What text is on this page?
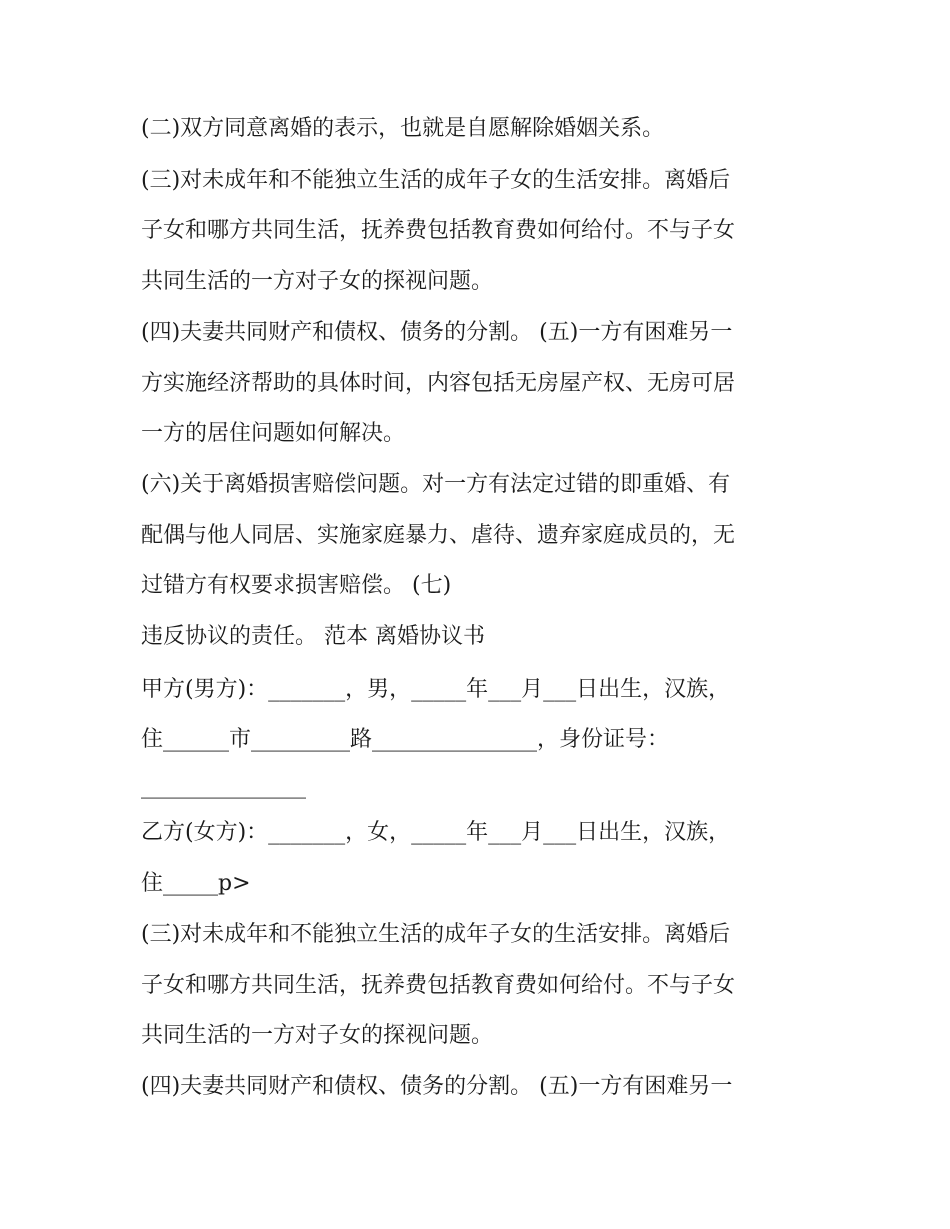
(二)双方同意离婚的表示，也就是自愿解除婚姻关系。
(三)对未成年和不能独立生活的成年子女的生活安排。离婚后
子女和哪方共同生活，抚养费包括教育费如何给付。不与子女
共同生活的一方对子女的探视问题。
(四)夫妻共同财产和债权、债务的分割。 (五)一方有困难另一
方实施经济帮助的具体时间，内容包括无房屋产权、无房可居
一方的居住问题如何解决。
(六)关于离婚损害赔偿问题。对一方有法定过错的即重婚、有
配偶与他人同居、实施家庭暴力、虐待、遗弃家庭成员的，无
过错方有权要求损害赔偿。 (七)
违反协议的责任。 范本 离婚协议书
甲方(男方)：_______，男，_____年___月___日出生，汉族，
住______市_________路_______________，身份证号：
_______________
乙方(女方)：_______，女，_____年___月___日出生，汉族，
住_____p>
(三)对未成年和不能独立生活的成年子女的生活安排。离婚后
子女和哪方共同生活，抚养费包括教育费如何给付。不与子女
共同生活的一方对子女的探视问题。
(四)夫妻共同财产和债权、债务的分割。 (五)一方有困难另一
